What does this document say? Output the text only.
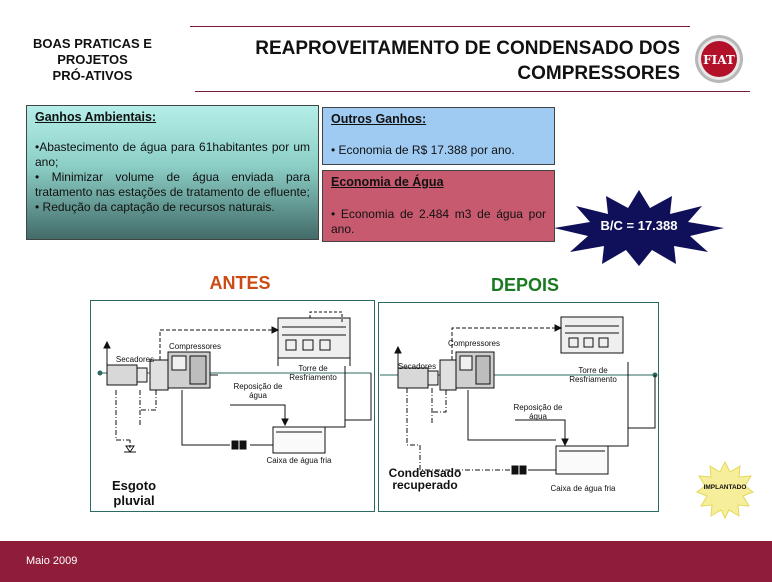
BOAS PRATICAS E
PROJETOS
PRÓ-ATIVOS
REAPROVEITAMENTO DE CONDENSADO DOS
COMPRESSORES
FIAT
Ganhos Ambientais:
•Abastecimento de água para 61habitantes por um ano;
• Minimizar volume de água enviada para tratamento nas estações de tratamento de efluente;
• Redução da captação de recursos naturais.
Outros Ganhos:
• Economia de R$ 17.388 por ano.
Economia de Água
• Economia de 2.484 m3 de água por ano.	B/C = 17.388
ANTES	DEPOIS
Secadores
Compressores
Torre de Resfriamento
Reposição de água
Caixa de água fria
Esgoto pluvial
Secadores
Compressores
Torre de Resfriamento
Reposição de água
Caixa de água fria
Condensado recuperado	IMPLANTADO
Maio 2009
